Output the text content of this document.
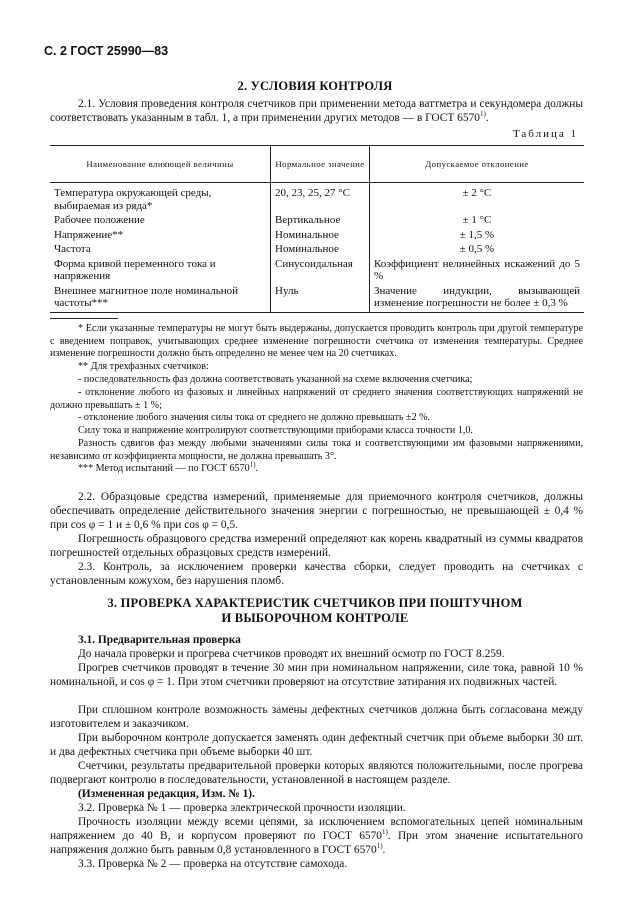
С. 2 ГОСТ 25990—83
2. УСЛОВИЯ КОНТРОЛЯ
2.1. Условия проведения контроля счетчиков при применении метода ваттметра и секундомера должны соответствовать указанным в табл. 1, а при применении других методов — в ГОСТ 6570$^{1)}$.
Таблица 1
Наименование влияющей величины	Нормальное значение	Допускаемое отклонение
Температура окружающей среды, выбираемая из ряда*	20, 23, 25, 27 °С	± 2 °С
Рабочее положение	Вертикальное	± 1 °С
Напряжение**	Номинальное	± 1,5 %
Частота	Номинальное	± 0,5 %
Форма кривой переменного тока и напряжения	Синусоидальная	Коэффициент нелинейных искажений до 5 %
Внешнее магнитное поле номинальной частоты***	Нуль	Значение индукции, вызывающей изменение погрешности не более ± 0,3 %
* Если указанные температуры не могут быть выдержаны, допускается проводить контроль при другой температуре с введением поправок, учитывающих среднее изменение погрешности счетчика от изменения температуры. Среднее изменение погрешности должно быть определено не менее чем на 20 счетчиках.
** Для трехфазных счетчиков:
- последовательность фаз должна соответствовать указанной на схеме включения счетчика;
- отклонение любого из фазовых и линейных напряжений от среднего значения соответствующих напряжений не должно превышать ± 1 %;
- отклонение любого значения силы тока от среднего не должно превышать ±2 %.
Силу тока и напряжение контролируют соответствующими приборами класса точности 1,0.
Разность сдвигов фаз между любыми значениями силы тока и соответствующими им фазовыми напряжениями, независимо от коэффициента мощности, не должна превышать 3°.
*** Метод испытаний — по ГОСТ 6570$^{1)}$.
2.2. Образцовые средства измерений, применяемые для приемочного контроля счетчиков, должны обеспечивать определение действительного значения энергии с погрешностью, не превышающей ± 0,4 % при cos φ = 1 и ± 0,6 % при cos φ = 0,5.
Погрешность образцового средства измерений определяют как корень квадратный из суммы квадратов погрешностей отдельных образцовых средств измерений.
2.3. Контроль, за исключением проверки качества сборки, следует проводить на счетчиках с установленным кожухом, без нарушения пломб.
3. ПРОВЕРКА ХАРАКТЕРИСТИК СЧЕТЧИКОВ ПРИ ПОШТУЧНОМ
И ВЫБОРОЧНОМ КОНТРОЛЕ
3.1. Предварительная проверка
До начала проверки и прогрева счетчиков проводят их внешний осмотр по ГОСТ 8.259.
Прогрев счетчиков проводят в течение 30 мин при номинальном напряжении, силе тока, равной 10 % номинальной, и cos φ = 1. При этом счетчики проверяют на отсутствие затирания их подвижных частей.
При сплошном контроле возможность замены дефектных счетчиков должна быть согласована между изготовителем и заказчиком.
При выборочном контроле допускается заменять один дефектный счетчик при объеме выборки 30 шт. и два дефектных счетчика при объеме выборки 40 шт.
Счетчики, результаты предварительной проверки которых являются положительными, после прогрева подвергают контролю в последовательности, установленной в настоящем разделе.
(Измененная редакция, Изм. № 1).
3.2. Проверка № 1 — проверка электрической прочности изоляции.
Прочность изоляции между всеми цепями, за исключением вспомогательных цепей номинальным напряжением до 40 В, и корпусом проверяют по ГОСТ 6570$^{1)}$. При этом значение испытательного напряжения должно быть равным 0,8 установленного в ГОСТ 6570$^{1)}$.
3.3. Проверка № 2 — проверка на отсутствие самохода.
